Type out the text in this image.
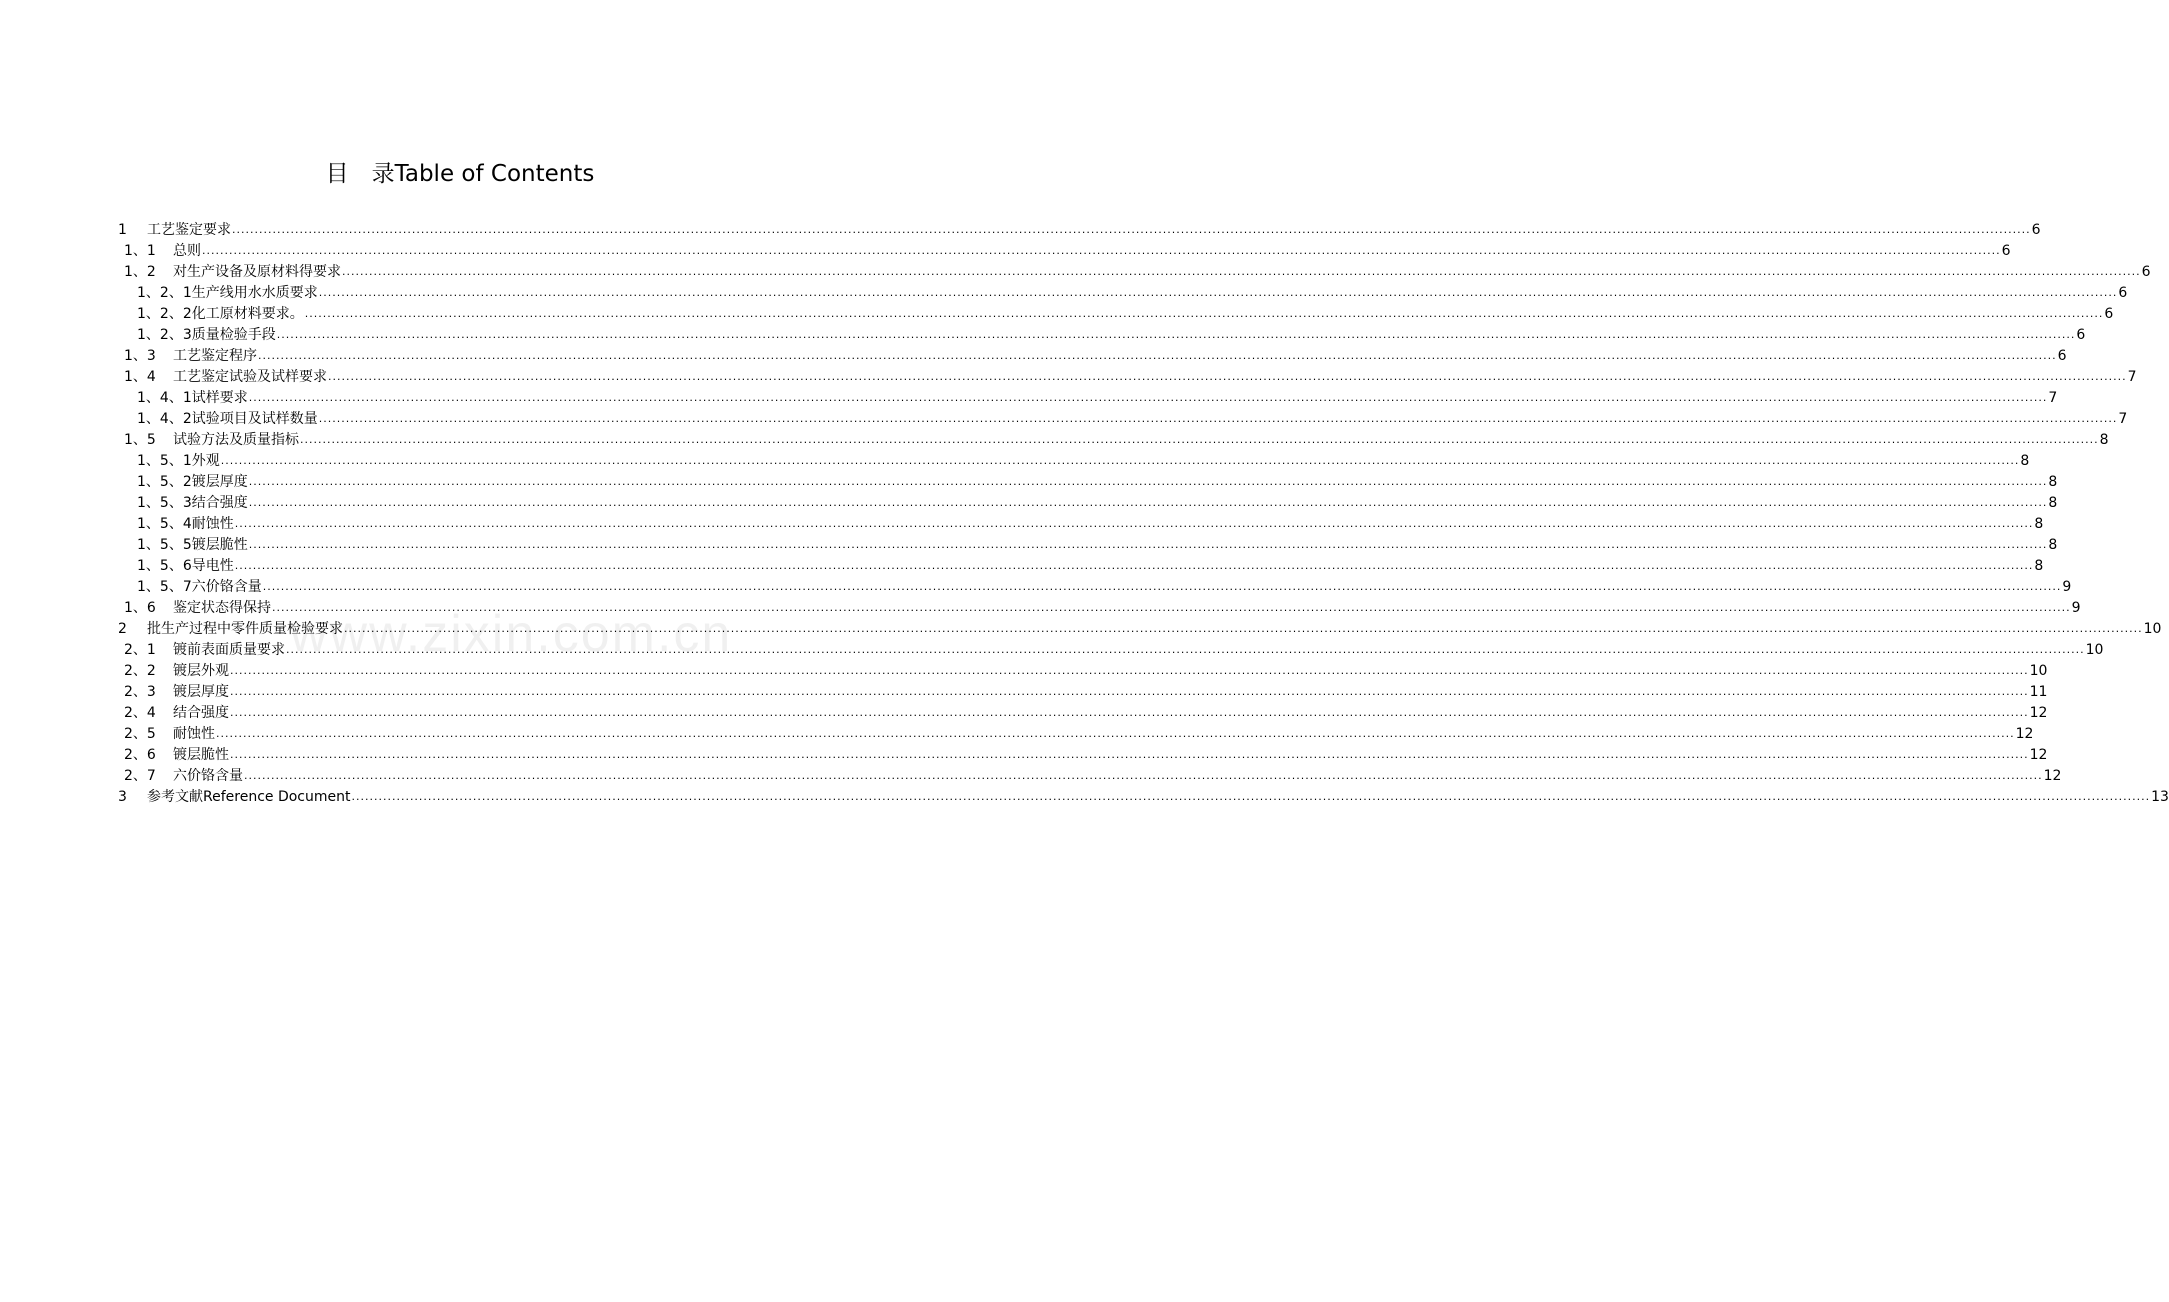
目　录Table of Contents
1	工艺鉴定要求 ................................................................................................................................................................................................................................................................................................................................................................................................................ 6
1、1	总则 ................................................................................................................................................................................................................................................................................................................................................................................................................ 6
1、2	对生产设备及原材料得要求 ................................................................................................................................................................................................................................................................................................................................................................................................................ 6
1、2、1 生产线用水水质要求 ................................................................................................................................................................................................................................................................................................................................................................................................................ 6
1、2、2 化工原材料要求。 ................................................................................................................................................................................................................................................................................................................................................................................................................ 6
1、2、3 质量检验手段 ................................................................................................................................................................................................................................................................................................................................................................................................................ 6
1、3	工艺鉴定程序 ................................................................................................................................................................................................................................................................................................................................................................................................................ 6
1、4	工艺鉴定试验及试样要求 ................................................................................................................................................................................................................................................................................................................................................................................................................ 7
1、4、1 试样要求 ................................................................................................................................................................................................................................................................................................................................................................................................................ 7
1、4、2 试验项目及试样数量 ................................................................................................................................................................................................................................................................................................................................................................................................................ 7
1、5	试验方法及质量指标 ................................................................................................................................................................................................................................................................................................................................................................................................................ 8
1、5、1 外观 ................................................................................................................................................................................................................................................................................................................................................................................................................ 8
1、5、2 镀层厚度 ................................................................................................................................................................................................................................................................................................................................................................................................................ 8
1、5、3 结合强度 ................................................................................................................................................................................................................................................................................................................................................................................................................ 8
1、5、4 耐蚀性 ................................................................................................................................................................................................................................................................................................................................................................................................................ 8
1、5、5 镀层脆性 ................................................................................................................................................................................................................................................................................................................................................................................................................ 8
1、5、6 导电性 ................................................................................................................................................................................................................................................................................................................................................................................................................ 8
1、5、7 六价铬含量 ................................................................................................................................................................................................................................................................................................................................................................................................................ 9
1、6	鉴定状态得保持 ................................................................................................................................................................................................................................................................................................................................................................................................................ 9
2	批生产过程中零件质量检验要求 ................................................................................................................................................................................................................................................................................................................................................................................................................ 10
2、1	镀前表面质量要求 ................................................................................................................................................................................................................................................................................................................................................................................................................ 10
2、2	镀层外观 ................................................................................................................................................................................................................................................................................................................................................................................................................ 10
2、3	镀层厚度 ................................................................................................................................................................................................................................................................................................................................................................................................................ 11
2、4	结合强度 ................................................................................................................................................................................................................................................................................................................................................................................................................ 12
2、5	耐蚀性 ................................................................................................................................................................................................................................................................................................................................................................................................................ 12
2、6	镀层脆性 ................................................................................................................................................................................................................................................................................................................................................................................................................ 12
2、7	六价铬含量 ................................................................................................................................................................................................................................................................................................................................................................................................................ 12
3	参考文献Reference Document ................................................................................................................................................................................................................................................................................................................................................................................................................ 13
www.zixin.com.cn
